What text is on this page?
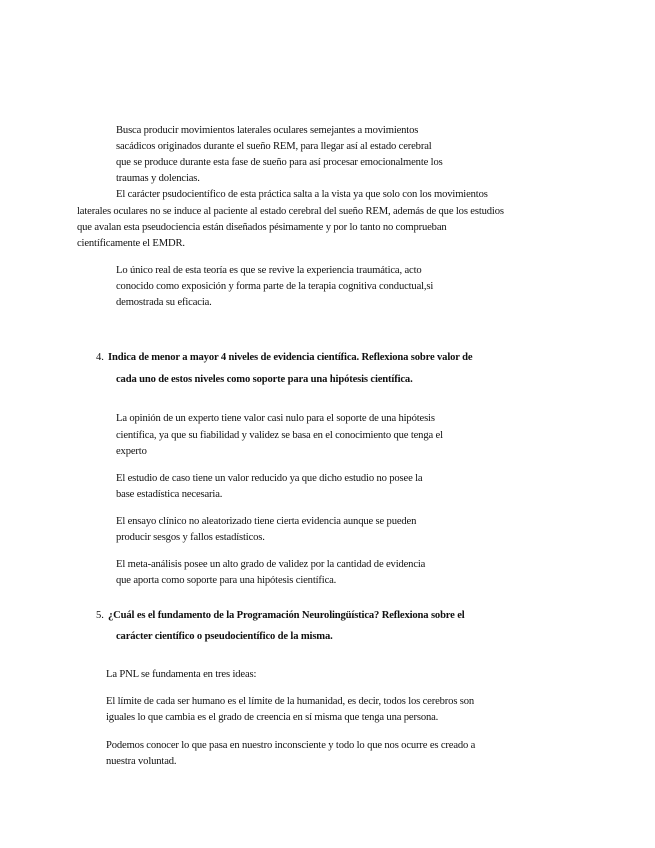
Busca producir movimientos laterales oculares semejantes a movimientos
sacádicos originados durante el sueño REM, para llegar así al estado cerebral
que se produce durante esta fase de sueño para así procesar emocionalmente los
traumas y dolencias.
El carácter psudocientífico de esta práctica salta a la vista ya que solo con los movimientos
laterales oculares no se induce al paciente al estado cerebral del sueño REM, además de que los estudios
que avalan esta pseudociencia están diseñados pésimamente y por lo tanto no comprueban
científicamente el EMDR.
Lo único real de esta teoría es que se revive la experiencia traumática, acto
conocido como exposición y forma parte de la terapia cognitiva conductual,si
demostrada su eficacia.
4. Indica de menor a mayor 4 niveles de evidencia científica. Reflexiona sobre valor de
cada uno de estos niveles como soporte para una hipótesis científica.
La opinión de un experto tiene valor casi nulo para el soporte de una hipótesis
científica, ya que su fiabilidad y validez se basa en el conocimiento que tenga el
experto
El estudio de caso tiene un valor reducido ya que dicho estudio no posee la
base estadística necesaria.
El ensayo clínico no aleatorizado tiene cierta evidencia aunque se pueden
producir sesgos y fallos estadísticos.
El meta-análisis posee un alto grado de validez por la cantidad de evidencia
que aporta como soporte para una hipótesis científica.
5. ¿Cuál es el fundamento de la Programación Neurolingüística? Reflexiona sobre el
carácter científico o pseudocientífico de la misma.
La PNL se fundamenta en tres ideas:
El límite de cada ser humano es el límite de la humanidad, es decir, todos los cerebros son
iguales lo que cambia es el grado de creencia en sí misma que tenga una persona.
Podemos conocer lo que pasa en nuestro inconsciente y todo lo que nos ocurre es creado a
nuestra voluntad.
